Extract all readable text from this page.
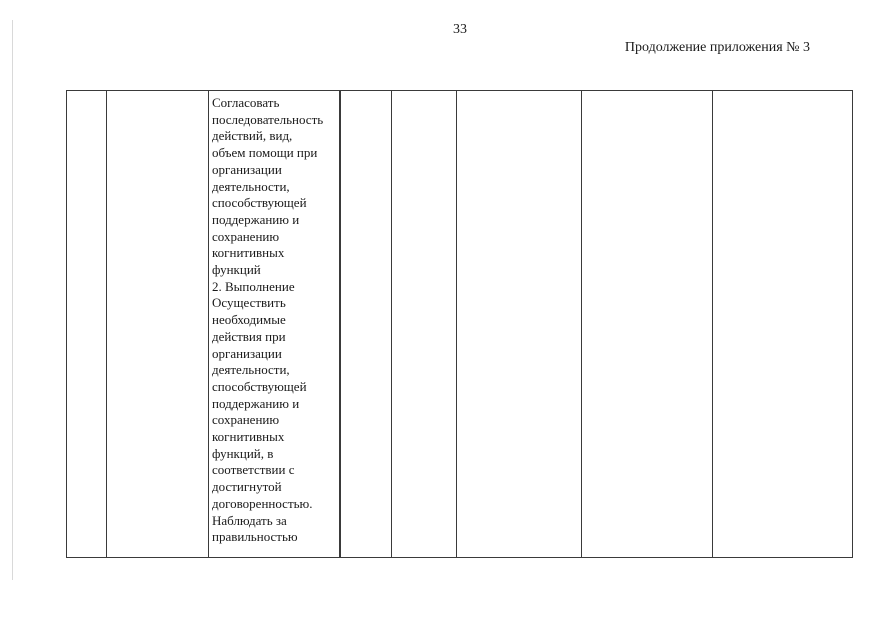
33
Продолжение приложения № 3

Согласовать
последовательность
действий, вид,
объем помощи при
организации
деятельности,
способствующей
поддержанию и
сохранению
когнитивных
функций
2. Выполнение
Осуществить
необходимые
действия при
организации
деятельности,
способствующей
поддержанию и
сохранению
когнитивных
функций, в
соответствии с
достигнутой
договоренностью.
Наблюдать за
правильностью
